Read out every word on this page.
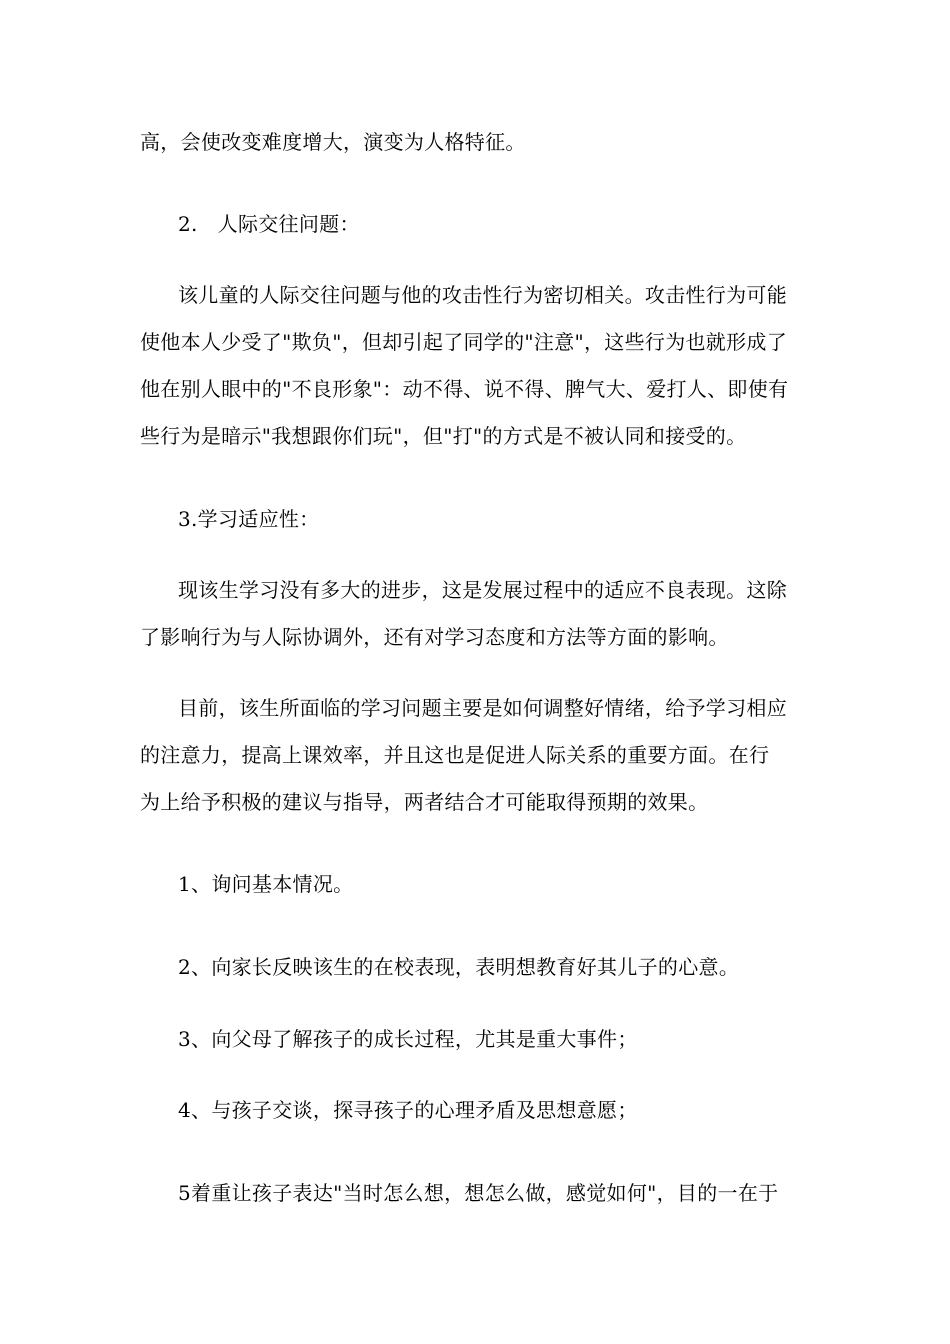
高，会使改变难度增大，演变为人格特征。
2.   人际交往问题：
该儿童的人际交往问题与他的攻击性行为密切相关。攻击性行为可能
使他本人少受了"欺负"，但却引起了同学的"注意"，这些行为也就形成了
他在别人眼中的"不良形象"：动不得、说不得、脾气大、爱打人、即使有
些行为是暗示"我想跟你们玩"，但"打"的方式是不被认同和接受的。
3.学习适应性：
现该生学习没有多大的进步，这是发展过程中的适应不良表现。这除
了影响行为与人际协调外，还有对学习态度和方法等方面的影响。
目前，该生所面临的学习问题主要是如何调整好情绪，给予学习相应
的注意力，提高上课效率，并且这也是促进人际关系的重要方面。在行
为上给予积极的建议与指导，两者结合才可能取得预期的效果。
1、询问基本情况。
2、向家长反映该生的在校表现，表明想教育好其儿子的心意。
3、向父母了解孩子的成长过程，尤其是重大事件；
4、与孩子交谈，探寻孩子的心理矛盾及思想意愿；
5着重让孩子表达"当时怎么想，想怎么做，感觉如何"，目的一在于
